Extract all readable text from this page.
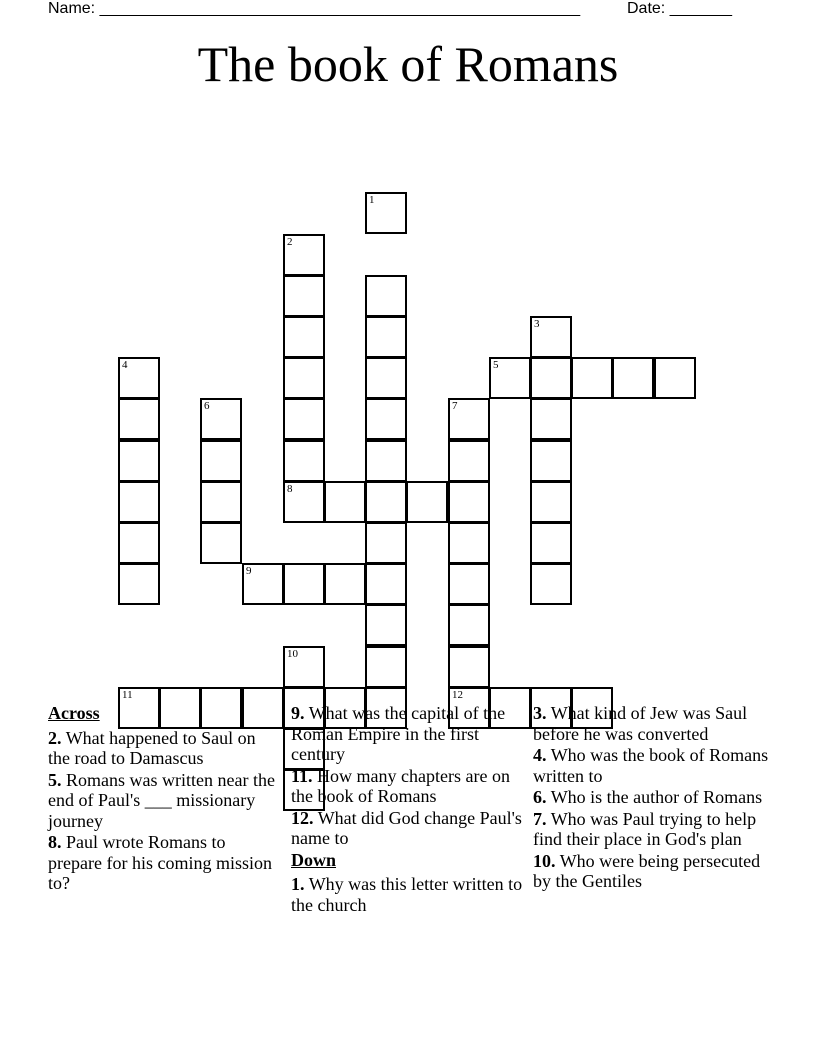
Name: ______________________________________________________	Date: _______
The book of Romans
1
2
3
4	5
6	7
8
9
10
11	12
Across
2. What happened to Saul on the road to Damascus
5. Romans was written near the end of Paul's ___ missionary journey
8. Paul wrote Romans to prepare for his coming mission to?
9. What was the capital of the Roman Empire in the first century
11. How many chapters are on the book of Romans
12. What did God change Paul's name to
Down
1. Why was this letter written to the church
3. What kind of Jew was Saul before he was converted
4. Who was the book of Romans written to
6. Who is the author of Romans
7. Who was Paul trying to help find their place in God's plan
10. Who were being persecuted by the Gentiles
